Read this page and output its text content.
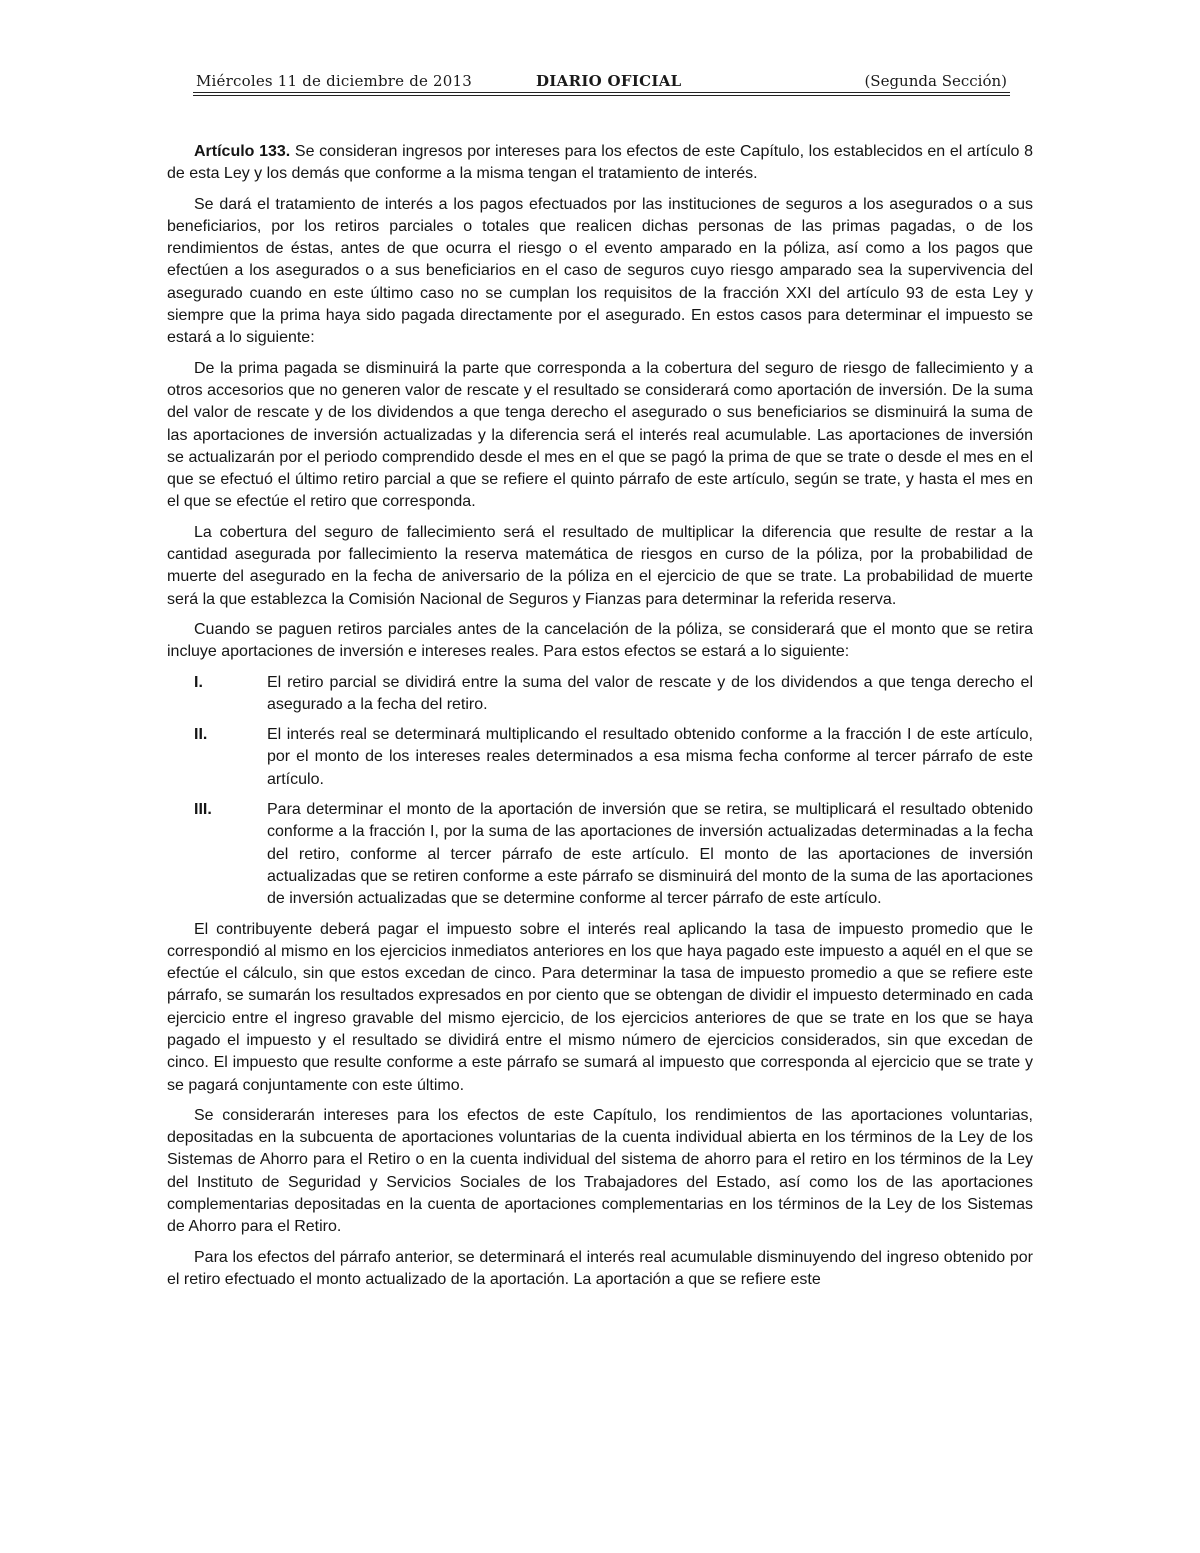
Miércoles 11 de diciembre de 2013	DIARIO OFICIAL	(Segunda Sección)

Artículo 133. Se consideran ingresos por intereses para los efectos de este Capítulo, los establecidos en el artículo 8 de esta Ley y los demás que conforme a la misma tengan el tratamiento de interés.

Se dará el tratamiento de interés a los pagos efectuados por las instituciones de seguros a los asegurados o a sus beneficiarios, por los retiros parciales o totales que realicen dichas personas de las primas pagadas, o de los rendimientos de éstas, antes de que ocurra el riesgo o el evento amparado en la póliza, así como a los pagos que efectúen a los asegurados o a sus beneficiarios en el caso de seguros cuyo riesgo amparado sea la supervivencia del asegurado cuando en este último caso no se cumplan los requisitos de la fracción XXI del artículo 93 de esta Ley y siempre que la prima haya sido pagada directamente por el asegurado. En estos casos para determinar el impuesto se estará a lo siguiente:

De la prima pagada se disminuirá la parte que corresponda a la cobertura del seguro de riesgo de fallecimiento y a otros accesorios que no generen valor de rescate y el resultado se considerará como aportación de inversión. De la suma del valor de rescate y de los dividendos a que tenga derecho el asegurado o sus beneficiarios se disminuirá la suma de las aportaciones de inversión actualizadas y la diferencia será el interés real acumulable. Las aportaciones de inversión se actualizarán por el periodo comprendido desde el mes en el que se pagó la prima de que se trate o desde el mes en el que se efectuó el último retiro parcial a que se refiere el quinto párrafo de este artículo, según se trate, y hasta el mes en el que se efectúe el retiro que corresponda.

La cobertura del seguro de fallecimiento será el resultado de multiplicar la diferencia que resulte de restar a la cantidad asegurada por fallecimiento la reserva matemática de riesgos en curso de la póliza, por la probabilidad de muerte del asegurado en la fecha de aniversario de la póliza en el ejercicio de que se trate. La probabilidad de muerte será la que establezca la Comisión Nacional de Seguros y Fianzas para determinar la referida reserva.

Cuando se paguen retiros parciales antes de la cancelación de la póliza, se considerará que el monto que se retira incluye aportaciones de inversión e intereses reales. Para estos efectos se estará a lo siguiente:

I.	El retiro parcial se dividirá entre la suma del valor de rescate y de los dividendos a que tenga derecho el asegurado a la fecha del retiro.
II.	El interés real se determinará multiplicando el resultado obtenido conforme a la fracción I de este artículo, por el monto de los intereses reales determinados a esa misma fecha conforme al tercer párrafo de este artículo.
III.	Para determinar el monto de la aportación de inversión que se retira, se multiplicará el resultado obtenido conforme a la fracción I, por la suma de las aportaciones de inversión actualizadas determinadas a la fecha del retiro, conforme al tercer párrafo de este artículo. El monto de las aportaciones de inversión actualizadas que se retiren conforme a este párrafo se disminuirá del monto de la suma de las aportaciones de inversión actualizadas que se determine conforme al tercer párrafo de este artículo.

El contribuyente deberá pagar el impuesto sobre el interés real aplicando la tasa de impuesto promedio que le correspondió al mismo en los ejercicios inmediatos anteriores en los que haya pagado este impuesto a aquél en el que se efectúe el cálculo, sin que estos excedan de cinco. Para determinar la tasa de impuesto promedio a que se refiere este párrafo, se sumarán los resultados expresados en por ciento que se obtengan de dividir el impuesto determinado en cada ejercicio entre el ingreso gravable del mismo ejercicio, de los ejercicios anteriores de que se trate en los que se haya pagado el impuesto y el resultado se dividirá entre el mismo número de ejercicios considerados, sin que excedan de cinco. El impuesto que resulte conforme a este párrafo se sumará al impuesto que corresponda al ejercicio que se trate y se pagará conjuntamente con este último.

Se considerarán intereses para los efectos de este Capítulo, los rendimientos de las aportaciones voluntarias, depositadas en la subcuenta de aportaciones voluntarias de la cuenta individual abierta en los términos de la Ley de los Sistemas de Ahorro para el Retiro o en la cuenta individual del sistema de ahorro para el retiro en los términos de la Ley del Instituto de Seguridad y Servicios Sociales de los Trabajadores del Estado, así como los de las aportaciones complementarias depositadas en la cuenta de aportaciones complementarias en los términos de la Ley de los Sistemas de Ahorro para el Retiro.

Para los efectos del párrafo anterior, se determinará el interés real acumulable disminuyendo del ingreso obtenido por el retiro efectuado el monto actualizado de la aportación. La aportación a que se refiere este
